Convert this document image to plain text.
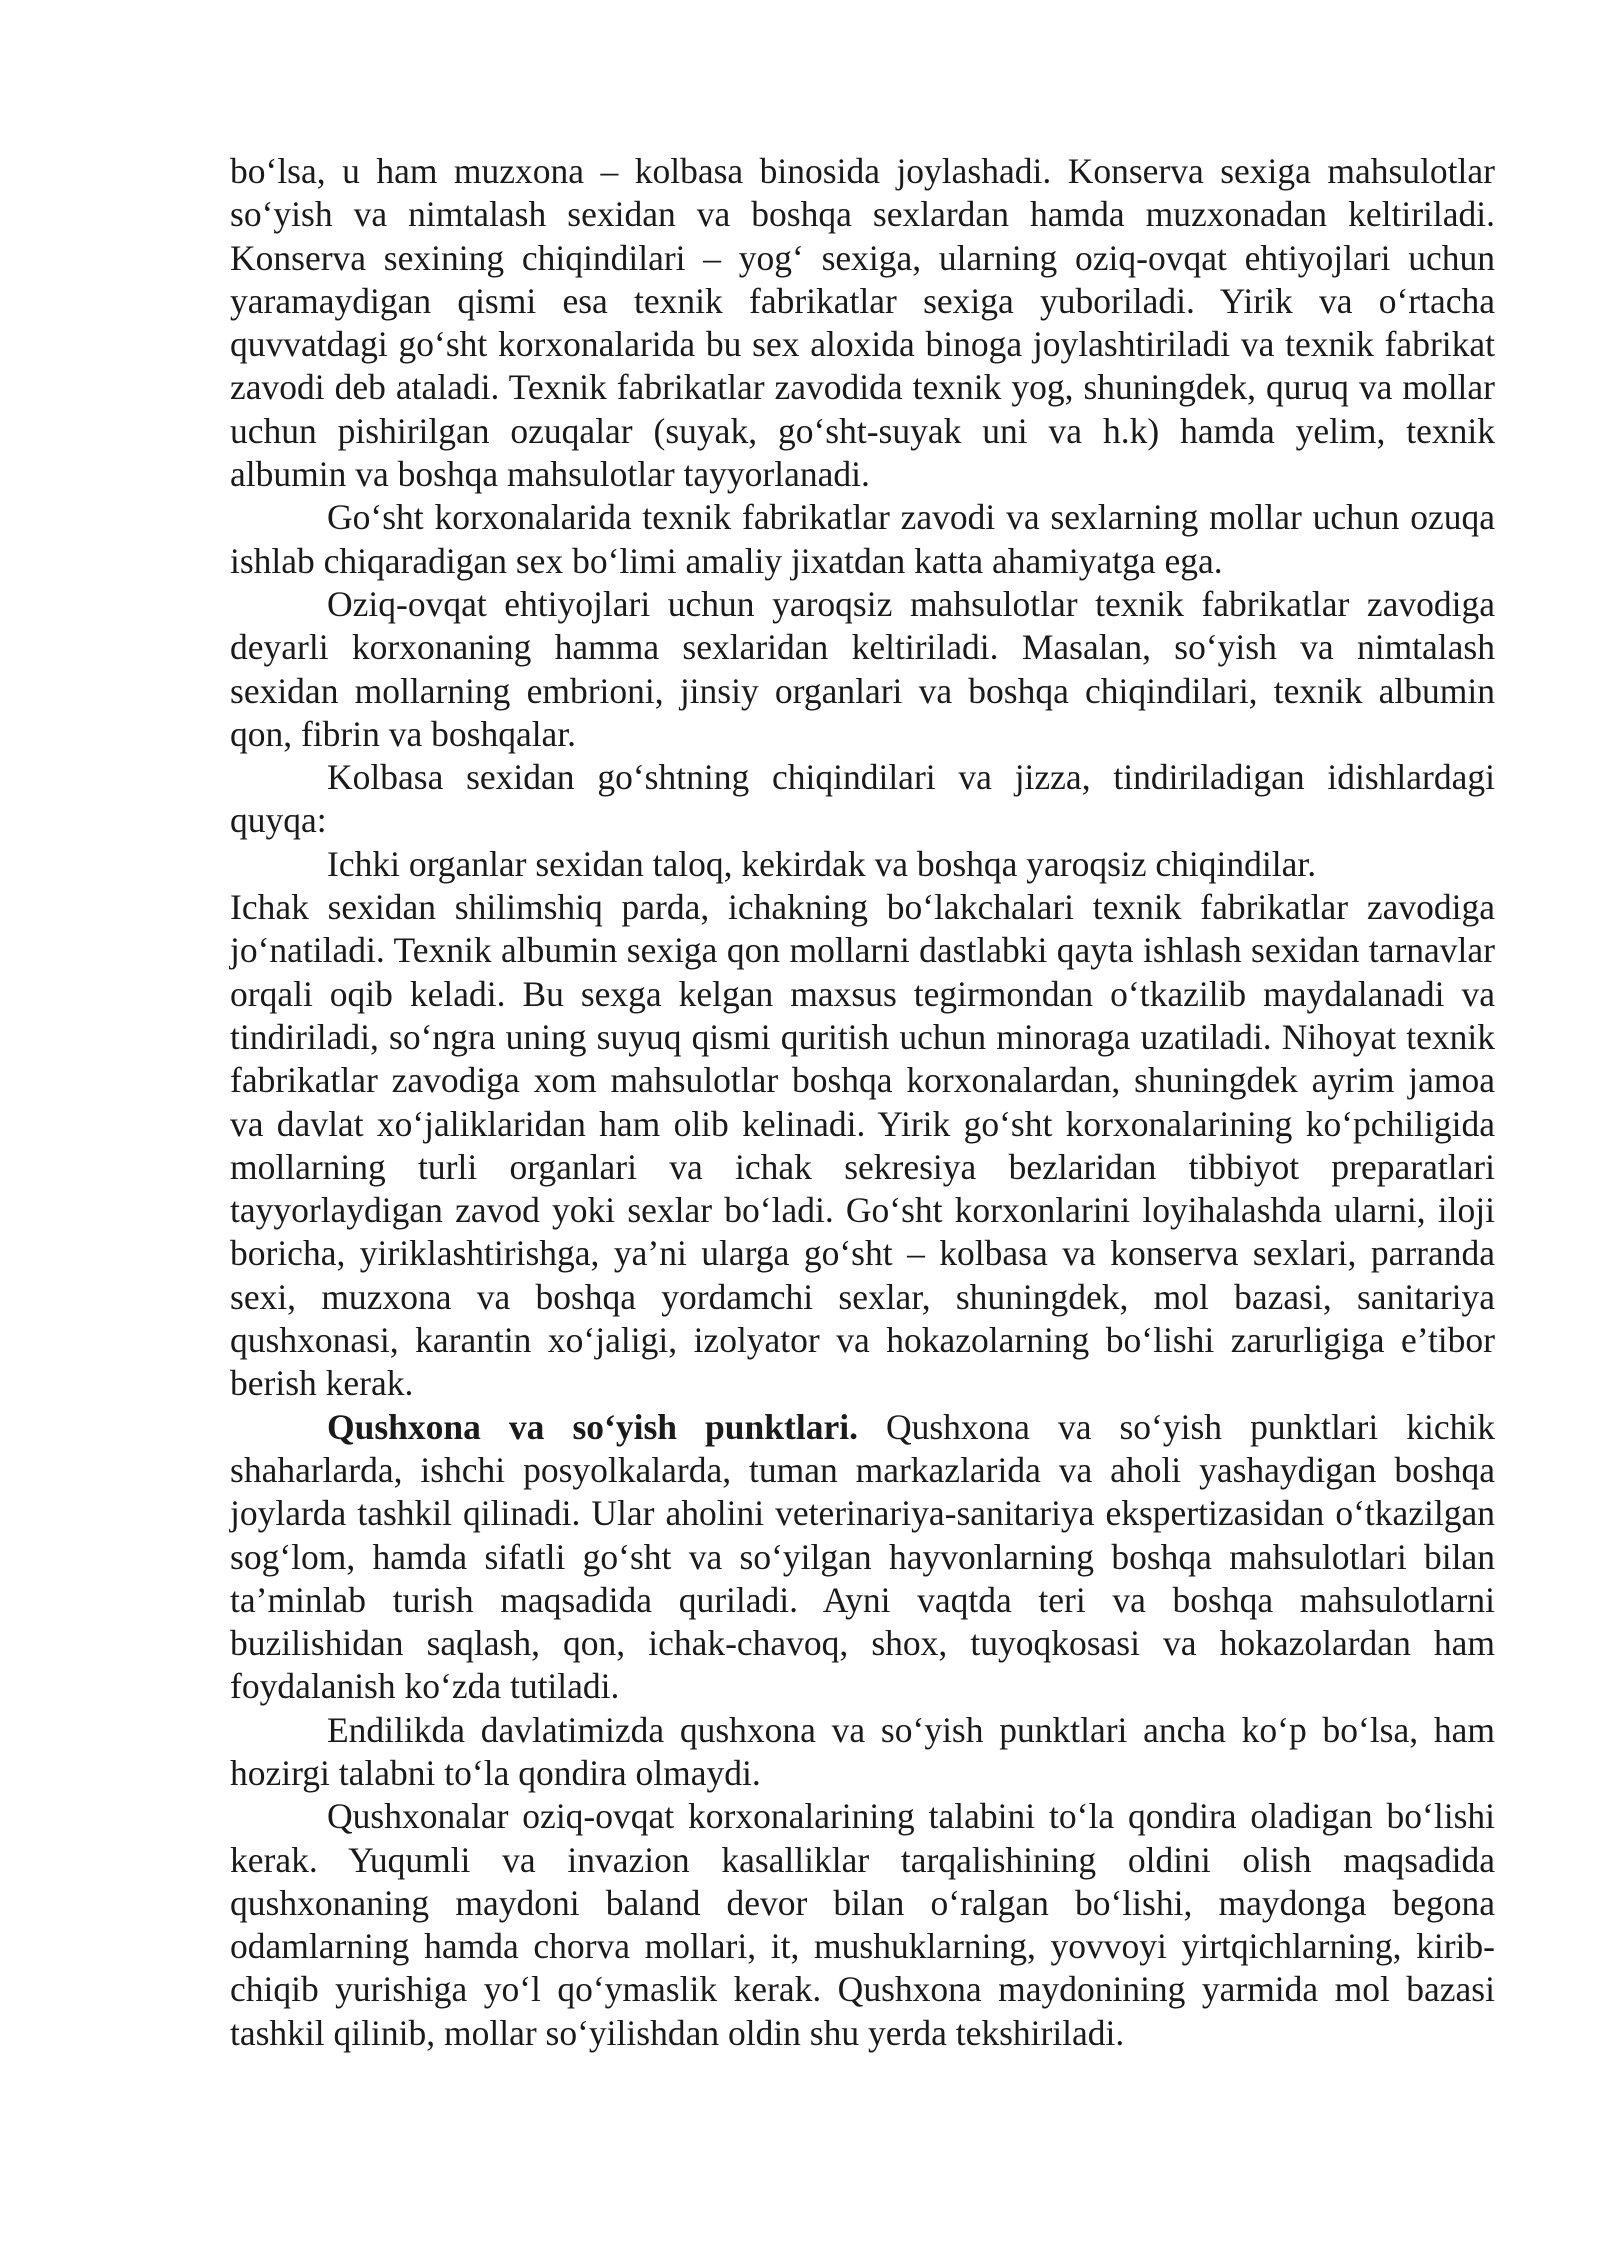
bo‘lsa, u ham muzxona – kolbasa binosida joylashadi. Konserva sexiga mahsulotlar so‘yish va nimtalash sexidan va boshqa sexlardan hamda muzxonadan keltiriladi. Konserva sexining chiqindilari – yog‘ sexiga, ularning oziq-ovqat ehtiyojlari uchun yaramaydigan qismi esa texnik fabrikatlar sexiga yuboriladi. Yirik va o‘rtacha quvvatdagi go‘sht korxonalarida bu sex aloxida binoga joylashtiriladi va texnik fabrikat zavodi deb ataladi. Texnik fabrikatlar zavodida texnik yog, shuningdek, quruq va mollar uchun pishirilgan ozuqalar (suyak, go‘sht-suyak uni va h.k) hamda yelim, texnik albumin va boshqa mahsulotlar tayyorlanadi.

Go‘sht korxonalarida texnik fabrikatlar zavodi va sexlarning mollar uchun ozuqa ishlab chiqaradigan sex bo‘limi amaliy jixatdan katta ahamiyatga ega.

Oziq-ovqat ehtiyojlari uchun yaroqsiz mahsulotlar texnik fabrikatlar zavodiga deyarli korxonaning hamma sexlaridan keltiriladi. Masalan, so‘yish va nimtalash sexidan mollarning embrioni, jinsiy organlari va boshqa chiqindilari, texnik albumin qon, fibrin va boshqalar.

Kolbasa sexidan go‘shtning chiqindilari va jizza, tindiriladigan idishlardagi quyqa:

Ichki organlar sexidan taloq, kekirdak va boshqa yaroqsiz chiqindilar.

Ichak sexidan shilimshiq parda, ichakning bo‘lakchalari texnik fabrikatlar zavodiga jo‘natiladi. Texnik albumin sexiga qon mollarni dastlabki qayta ishlash sexidan tarnavlar orqali oqib keladi. Bu sexga kelgan maxsus tegirmondan o‘tkazilib maydalanadi va tindiriladi, so‘ngra uning suyuq qismi quritish uchun minoraga uzatiladi. Nihoyat texnik fabrikatlar zavodiga xom mahsulotlar boshqa korxonalardan, shuningdek ayrim jamoa va davlat xo‘jaliklaridan ham olib kelinadi. Yirik go‘sht korxonalarining ko‘pchiligida mollarning turli organlari va ichak sekresiya bezlaridan tibbiyot preparatlari tayyorlaydigan zavod yoki sexlar bo‘ladi. Go‘sht korxonlarini loyihalashda ularni, iloji boricha, yiriklashtirishga, ya’ni ularga go‘sht – kolbasa va konserva sexlari, parranda sexi, muzxona va boshqa yordamchi sexlar, shuningdek, mol bazasi, sanitariya qushxonasi, karantin xo‘jaligi, izolyator va hokazolarning bo‘lishi zarurligiga e’tibor berish kerak.

Qushxona va so‘yish punktlari. Qushxona va so‘yish punktlari kichik shaharlarda, ishchi posyolkalarda, tuman markazlarida va aholi yashaydigan boshqa joylarda tashkil qilinadi. Ular aholini veterinariya-sanitariya ekspertizasidan o‘tkazilgan sog‘lom, hamda sifatli go‘sht va so‘yilgan hayvonlarning boshqa mahsulotlari bilan ta’minlab turish maqsadida quriladi. Ayni vaqtda teri va boshqa mahsulotlarni buzilishidan saqlash, qon, ichak-chavoq, shox, tuyoqkosasi va hokazolardan ham foydalanish ko‘zda tutiladi.

Endilikda davlatimizda qushxona va so‘yish punktlari ancha ko‘p bo‘lsa, ham hozirgi talabni to‘la qondira olmaydi.

Qushxonalar oziq-ovqat korxonalarining talabini to‘la qondira oladigan bo‘lishi kerak. Yuqumli va invazion kasalliklar tarqalishining oldini olish maqsadida qushxonaning maydoni baland devor bilan o‘ralgan bo‘lishi, maydonga begona odamlarning hamda chorva mollari, it, mushuklarning, yovvoyi yirtqichlarning, kirib-chiqib yurishiga yo‘l qo‘ymaslik kerak. Qushxona maydonining yarmida mol bazasi tashkil qilinib, mollar so‘yilishdan oldin shu yerda tekshiriladi.
